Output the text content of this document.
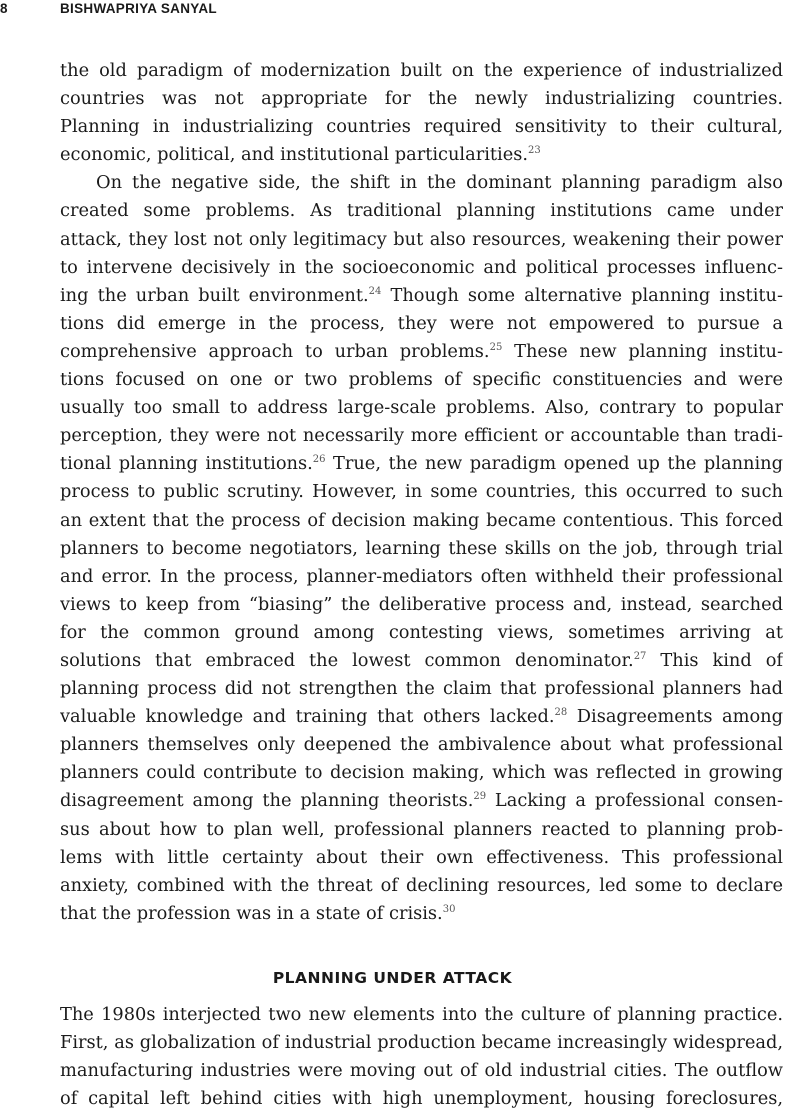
8	BISHWAPRIYA SANYAL
the old paradigm of modernization built on the experience of industrialized
countries was not appropriate for the newly industrializing countries.
Planning in industrializing countries required sensitivity to their cultural,
economic, political, and institutional particularities.$^{23}$
On the negative side, the shift in the dominant planning paradigm also
created some problems. As traditional planning institutions came under
attack, they lost not only legitimacy but also resources, weakening their power
to intervene decisively in the socioeconomic and political processes influenc-
ing the urban built environment.$^{24}$ Though some alternative planning institu-
tions did emerge in the process, they were not empowered to pursue a
comprehensive approach to urban problems.$^{25}$ These new planning institu-
tions focused on one or two problems of specific constituencies and were
usually too small to address large-scale problems. Also, contrary to popular
perception, they were not necessarily more efficient or accountable than tradi-
tional planning institutions.$^{26}$ True, the new paradigm opened up the planning
process to public scrutiny. However, in some countries, this occurred to such
an extent that the process of decision making became contentious. This forced
planners to become negotiators, learning these skills on the job, through trial
and error. In the process, planner-mediators often withheld their professional
views to keep from “biasing” the deliberative process and, instead, searched
for the common ground among contesting views, sometimes arriving at
solutions that embraced the lowest common denominator.$^{27}$ This kind of
planning process did not strengthen the claim that professional planners had
valuable knowledge and training that others lacked.$^{28}$ Disagreements among
planners themselves only deepened the ambivalence about what professional
planners could contribute to decision making, which was reflected in growing
disagreement among the planning theorists.$^{29}$ Lacking a professional consen-
sus about how to plan well, professional planners reacted to planning prob-
lems with little certainty about their own effectiveness. This professional
anxiety, combined with the threat of declining resources, led some to declare
that the profession was in a state of crisis.$^{30}$
PLANNING UNDER ATTACK
The 1980s interjected two new elements into the culture of planning practice.
First, as globalization of industrial production became increasingly widespread,
manufacturing industries were moving out of old industrial cities. The outflow
of capital left behind cities with high unemployment, housing foreclosures,
